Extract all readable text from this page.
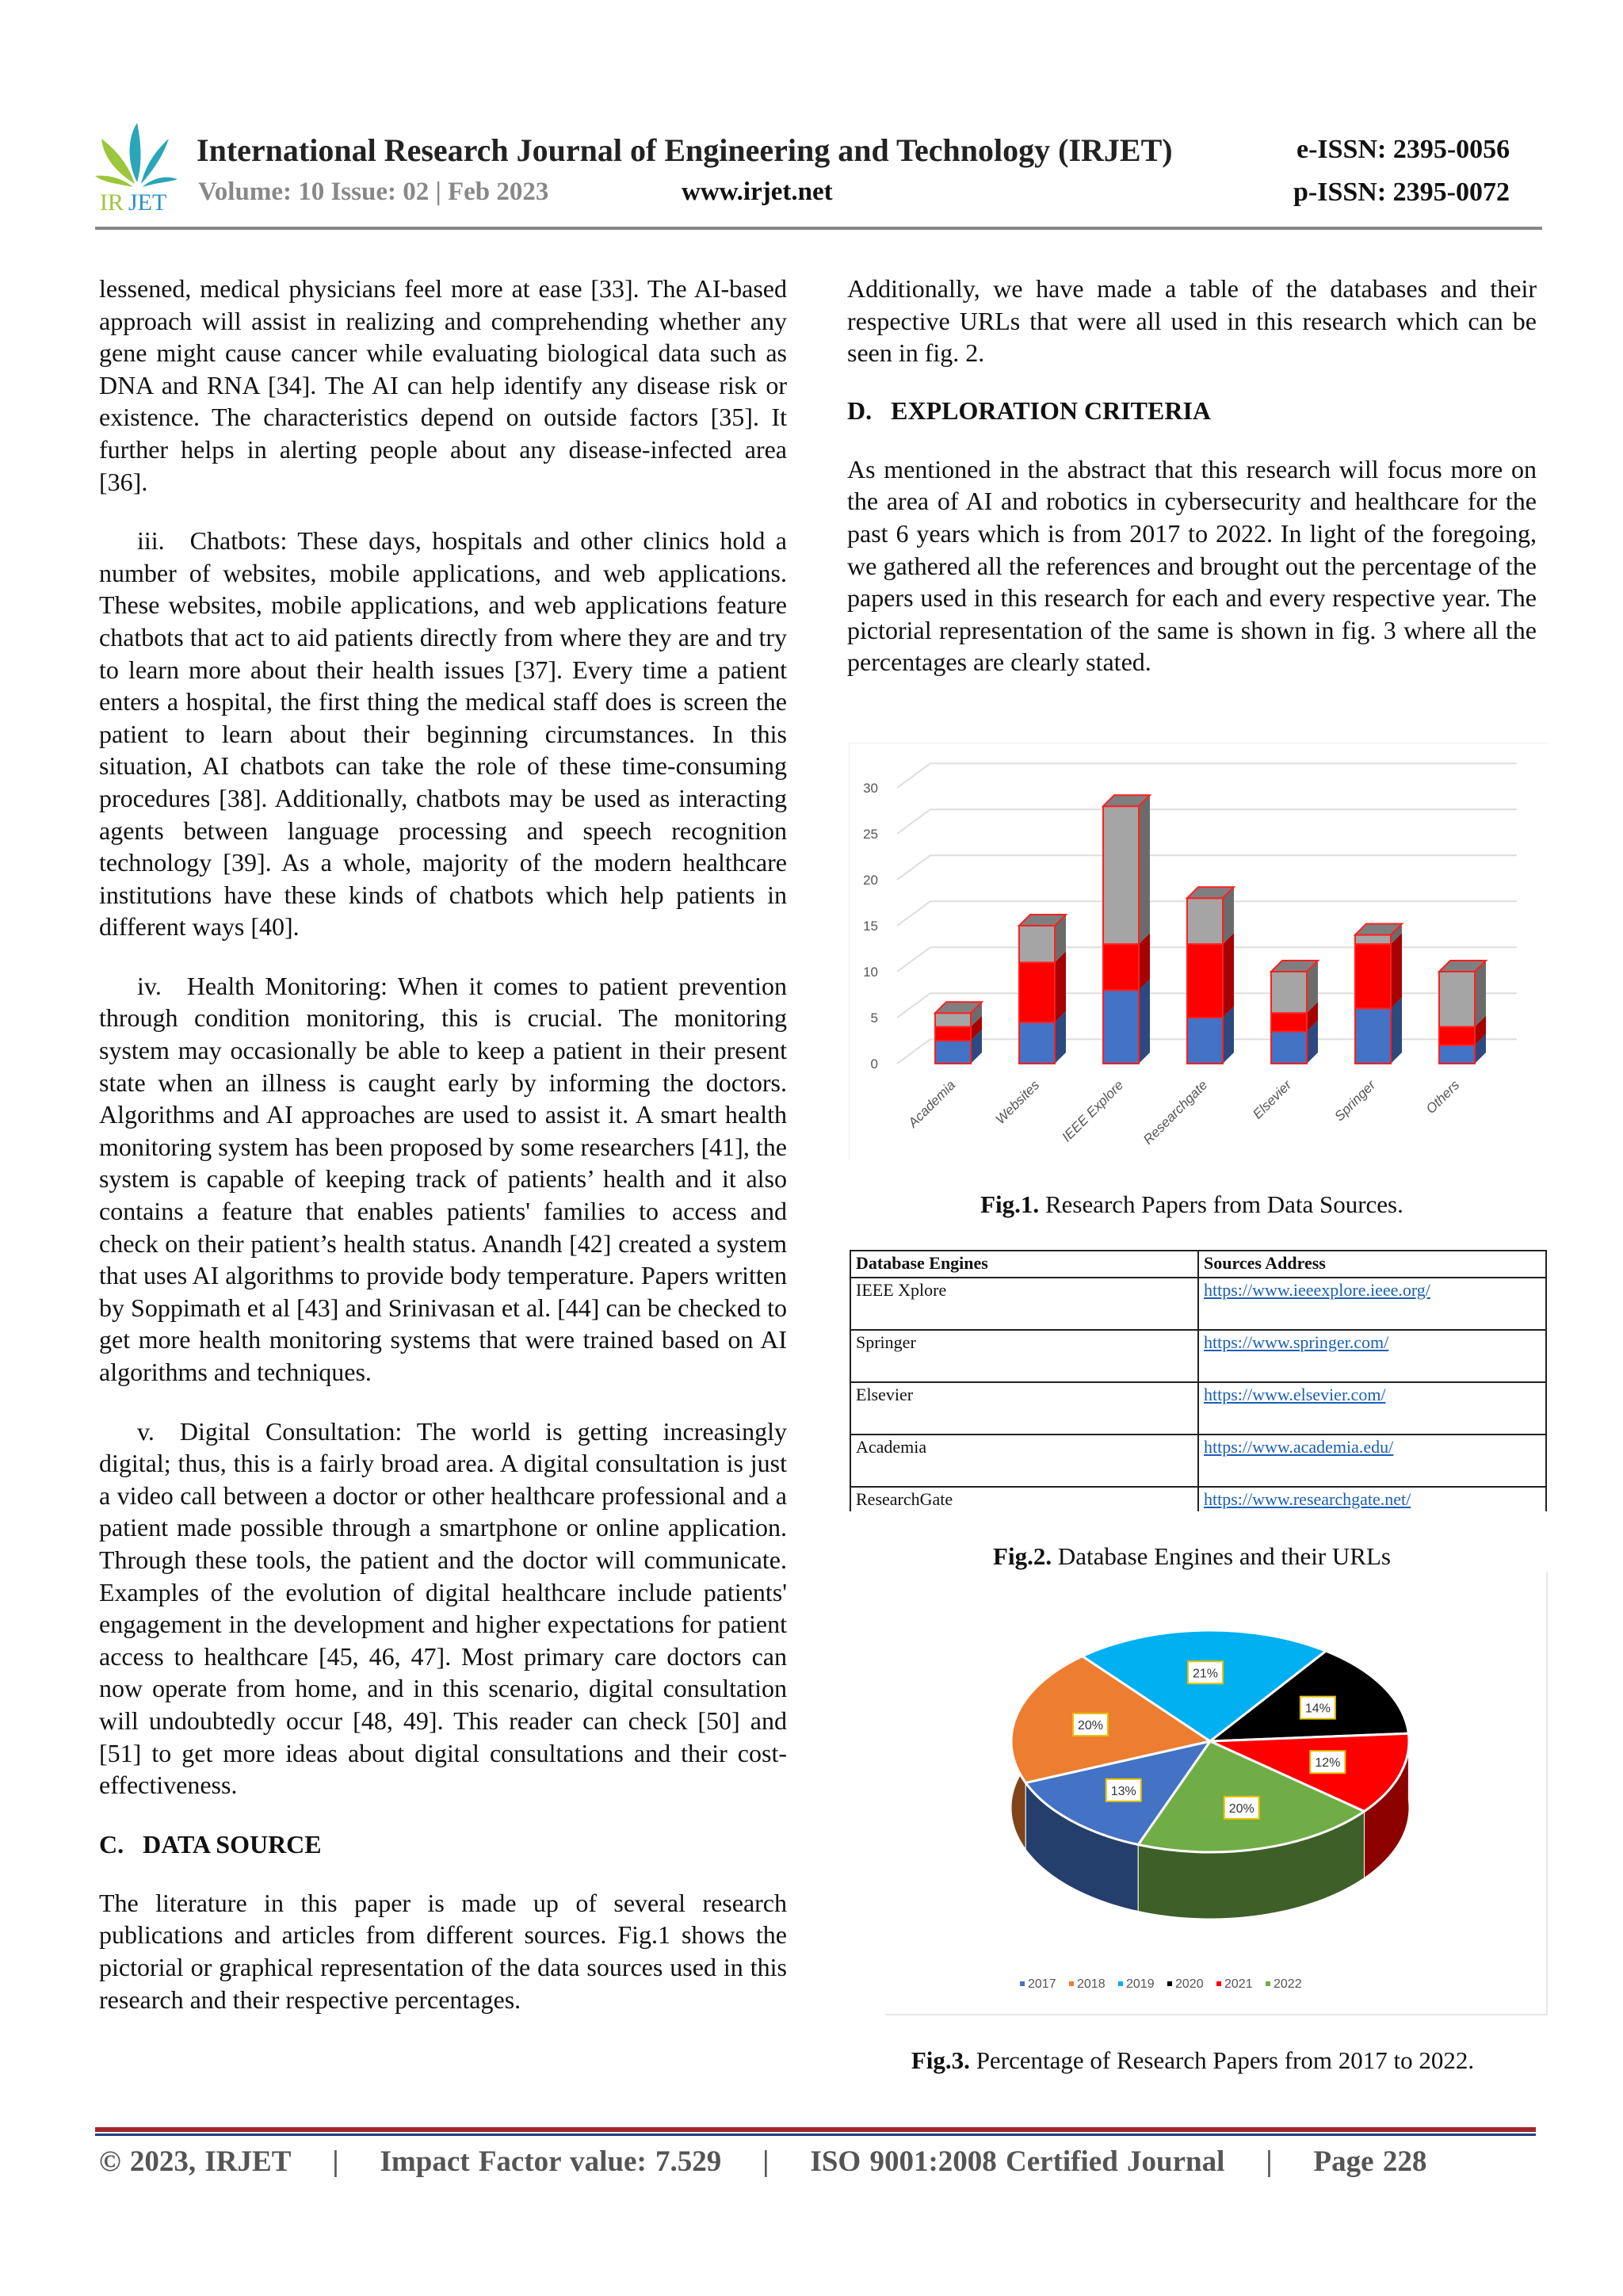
IR JET
International Research Journal of Engineering and Technology (IRJET)	e-ISSN: 2395-0056
Volume: 10 Issue: 02 | Feb 2023	www.irjet.net	p-ISSN: 2395-0072

lessened, medical physicians feel more at ease [33]. The AI-based approach will assist in realizing and comprehending whether any gene might cause cancer while evaluating biological data such as DNA and RNA [34]. The AI can help identify any disease risk or existence. The characteristics depend on outside factors [35]. It further helps in alerting people about any disease-infected area [36].

iii. Chatbots: These days, hospitals and other clinics hold a number of websites, mobile applications, and web applications. These websites, mobile applications, and web applications feature chatbots that act to aid patients directly from where they are and try to learn more about their health issues [37]. Every time a patient enters a hospital, the first thing the medical staff does is screen the patient to learn about their beginning circumstances. In this situation, AI chatbots can take the role of these time-consuming procedures [38]. Additionally, chatbots may be used as interacting agents between language processing and speech recognition technology [39]. As a whole, majority of the modern healthcare institutions have these kinds of chatbots which help patients in different ways [40].

iv. Health Monitoring: When it comes to patient prevention through condition monitoring, this is crucial. The monitoring system may occasionally be able to keep a patient in their present state when an illness is caught early by informing the doctors. Algorithms and AI approaches are used to assist it. A smart health monitoring system has been proposed by some researchers [41], the system is capable of keeping track of patients’ health and it also contains a feature that enables patients' families to access and check on their patient’s health status. Anandh [42] created a system that uses AI algorithms to provide body temperature. Papers written by Soppimath et al [43] and Srinivasan et al. [44] can be checked to get more health monitoring systems that were trained based on AI algorithms and techniques.

v. Digital Consultation: The world is getting increasingly digital; thus, this is a fairly broad area. A digital consultation is just a video call between a doctor or other healthcare professional and a patient made possible through a smartphone or online application. Through these tools, the patient and the doctor will communicate. Examples of the evolution of digital healthcare include patients' engagement in the development and higher expectations for patient access to healthcare [45, 46, 47]. Most primary care doctors can now operate from home, and in this scenario, digital consultation will undoubtedly occur [48, 49]. This reader can check [50] and [51] to get more ideas about digital consultations and their cost-effectiveness.

C.  DATA SOURCE

The literature in this paper is made up of several research publications and articles from different sources. Fig.1 shows the pictorial or graphical representation of the data sources used in this research and their respective percentages.

Additionally, we have made a table of the databases and their respective URLs that were all used in this research which can be seen in fig. 2.

D.  EXPLORATION CRITERIA

As mentioned in the abstract that this research will focus more on the area of AI and robotics in cybersecurity and healthcare for the past 6 years which is from 2017 to 2022. In light of the foregoing, we gathered all the references and brought out the percentage of the papers used in this research for each and every respective year. The pictorial representation of the same is shown in fig. 3 where all the percentages are clearly stated.

0
5
10
15
20
25
30
Academia	Websites IEEE Explore Researchgate	Elsevier	Springer	Others
Fig.1. Research Papers from Data Sources.
Database Engines	Sources Address
IEEE Xplore	https://www.ieeexplore.ieee.org/
Springer	https://www.springer.com/
Elsevier	https://www.elsevier.com/
Academia	https://www.academia.edu/
ResearchGate	https://www.researchgate.net/
Fig.2. Database Engines and their URLs
21%
14%
12%
20%
13%
20%
2017 2018 2019 2020 2021 2022
Fig.3. Percentage of Research Papers from 2017 to 2022.
© 2023, IRJET | Impact Factor value: 7.529 | ISO 9001:2008 Certified Journal | Page 228
